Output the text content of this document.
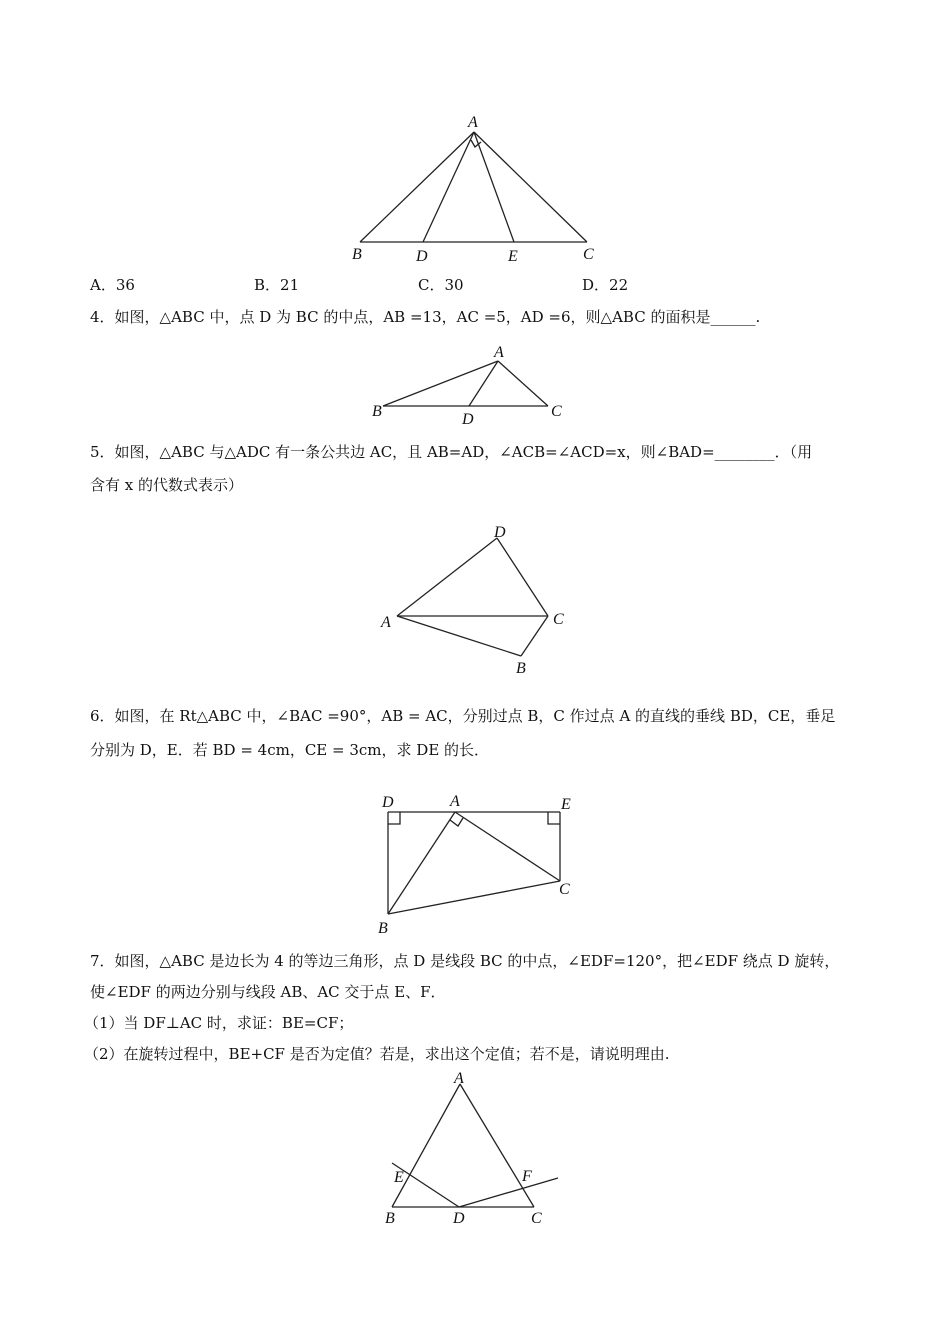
A
B	D	E	C
A．36	B．21	C．30	D．22
4．如图，△ABC 中，点 D 为 BC 的中点，AB =13，AC =5，AD =6，则△ABC 的面积是______.
A
B	D	C
5．如图，△ABC 与△ADC 有一条公共边 AC，且 AB=AD，∠ACB=∠ACD=x，则∠BAD=________．（用
含有 x 的代数式表示）
D
A	C
B
6．如图，在 Rt△ABC 中，∠BAC =90°，AB = AC，分别过点 B，C 作过点 A 的直线的垂线 BD，CE，垂足
分别为 D，E．若 BD = 4cm，CE = 3cm，求 DE 的长．
D	A	E
C
B
7．如图，△ABC 是边长为 4 的等边三角形，点 D 是线段 BC 的中点，∠EDF=120°，把∠EDF 绕点 D 旋转，
使∠EDF 的两边分别与线段 AB、AC 交于点 E、F．
（1）当 DF⊥AC 时，求证：BE=CF；
（2）在旋转过程中，BE+CF 是否为定值？若是，求出这个定值；若不是，请说明理由.
A
E	F
B	D	C
